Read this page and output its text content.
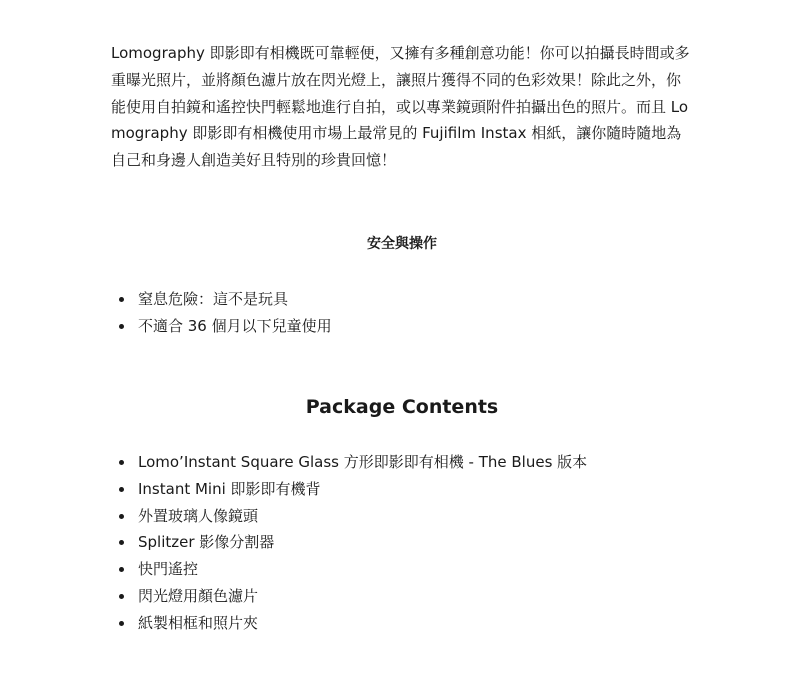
Lomography 即影即有相機既可靠輕便，又擁有多種創意功能！你可以拍攝長時間或多重曝光照片，並將顏色濾片放在閃光燈上，讓照片獲得不同的色彩效果！除此之外，你能使用自拍鏡和遙控快門輕鬆地進行自拍，或以專業鏡頭附件拍攝出色的照片。而且 Lomography 即影即有相機使用市場上最常見的 Fujifilm Instax 相紙，讓你隨時隨地為自己和身邊人創造美好且特別的珍貴回憶！

安全與操作
窒息危險：這不是玩具
不適合 36 個月以下兒童使用
Package Contents
Lomo’Instant Square Glass 方形即影即有相機 - The Blues 版本
Instant Mini 即影即有機背
外置玻璃人像鏡頭
Splitzer 影像分割器
快門遙控
閃光燈用顏色濾片
紙製相框和照片夾
